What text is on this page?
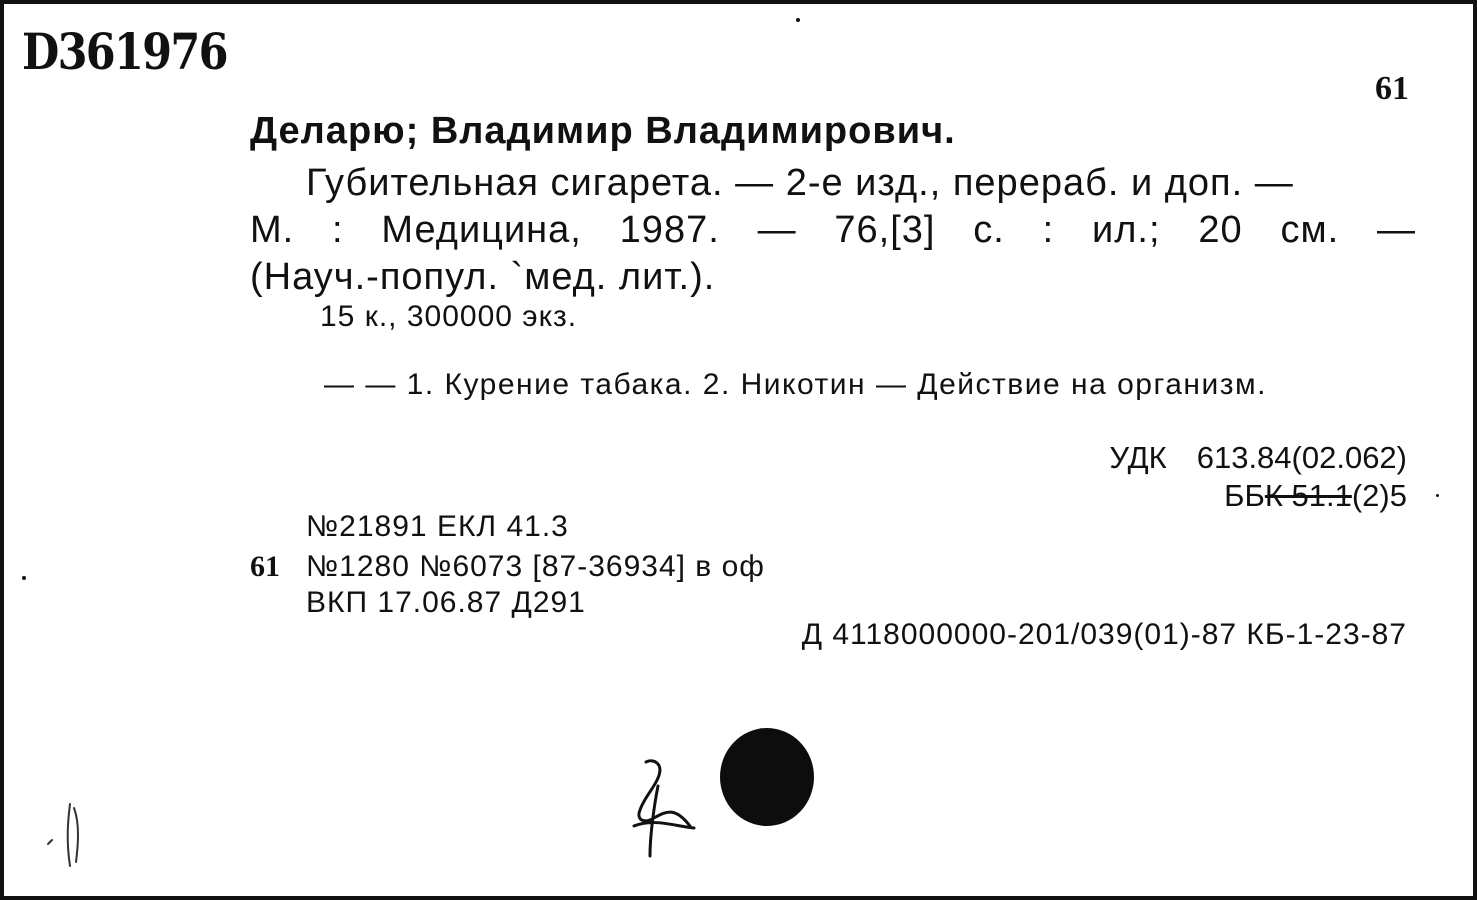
D361976
61
Деларю; Владимир Владимирович.
Губительная сигарета. — 2-е изд., перераб. и доп. —
М. : Медицина, 1987. — 76,[3] с. : ил.; 20 см. —
(Науч.-попул. `мед. лит.).
15 к., 300000 экз.
— — 1. Курение табака. 2. Никотин — Действие на организм.
УДК 613.84(02.062)
ББК 51.1(2)5
№21891 ЕКЛ 41.3
61 №1280 №6073 [87-36934] в оф
ВКП 17.06.87 Д291
Д 4118000000-201/039(01)-87 КБ-1-23-87
